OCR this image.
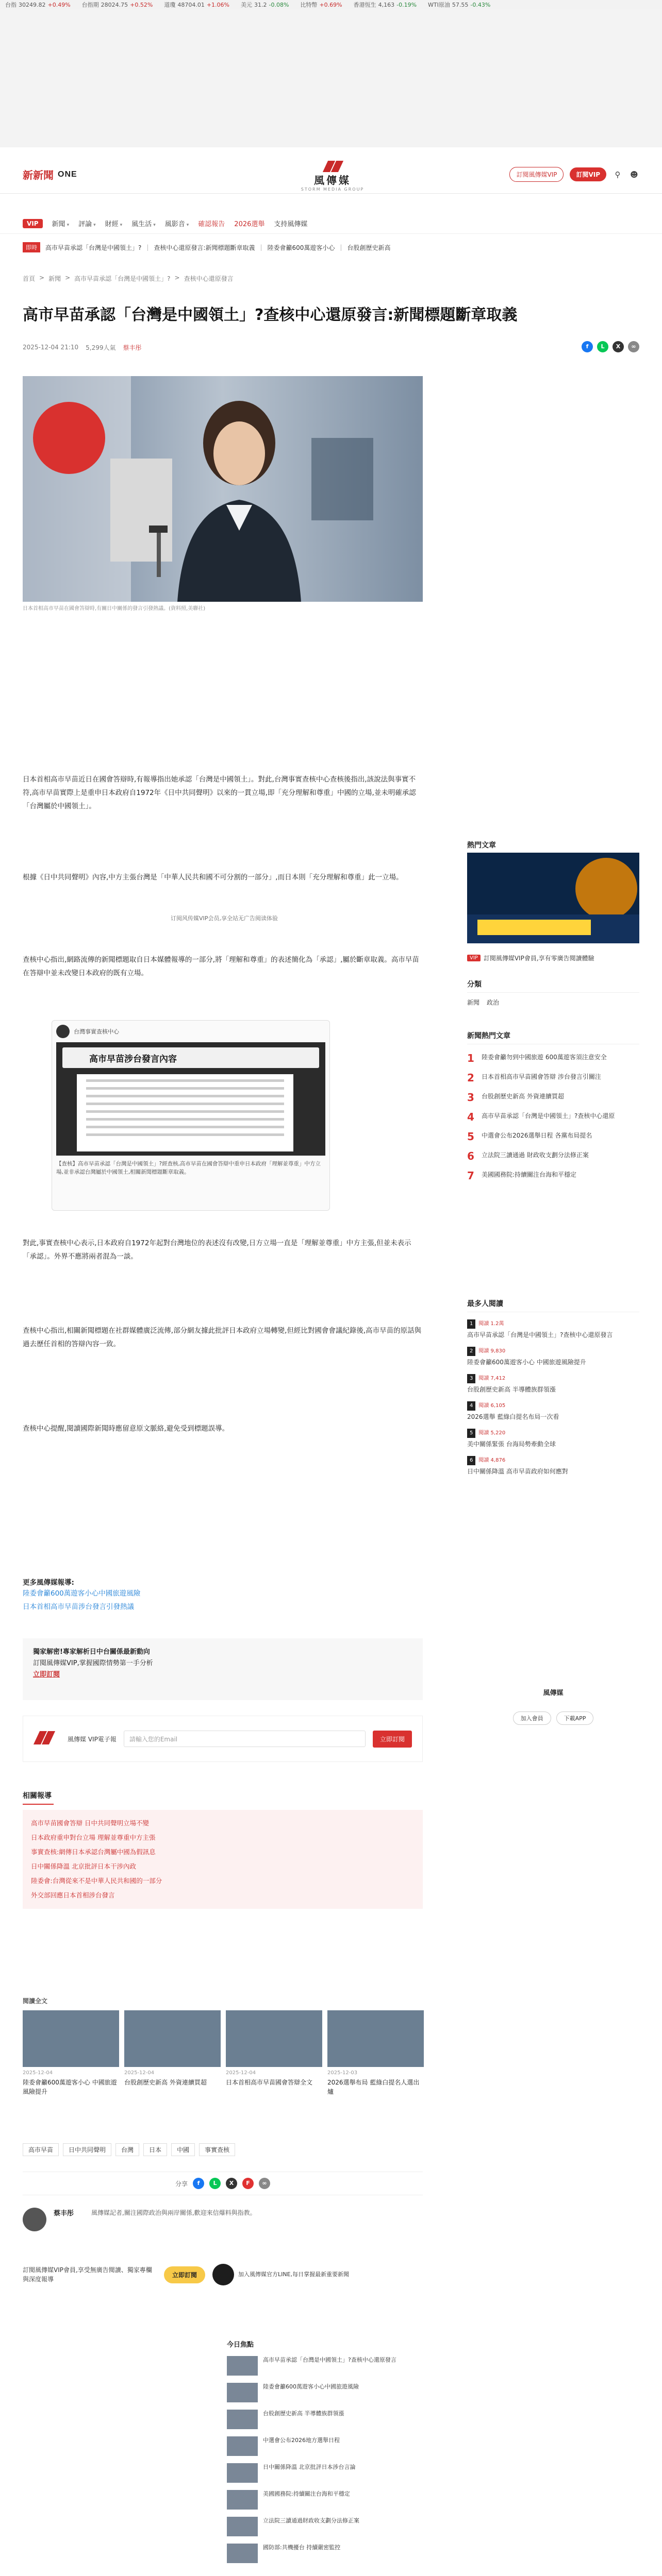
台指 30249.82 +0.49% 台指期 28024.75 +0.52% 道瓊 48704.01 +1.06% 美元 31.2 -0.08% 比特幣 +0.69% 香港恆生 4,163 -0.19% WTI原油 57.55 -0.43%
新新聞 ONE	風傳媒
STORM MEDIA GROUP
訂閱風傳媒VIP	訂閱VIP	⚲	☻
VIP	新聞 ▾ 評論 ▾ 財經 ▾ 風生活 ▾ 風影音 ▾ 確認報告 2026選舉 支持風傳媒
即時	高市早苗承認「台灣是中國領土」? | 查核中心還原發言:新聞標題斷章取義 | 陸委會籲600萬遊客小心 | 台股創歷史新高
首頁 > 新聞 > 高市早苗承認「台灣是中國領土」? > 查核中心還原發言
高市早苗承認「台灣是中國領土」?查核中心還原發言:新聞標題斷章取義
2025-12-04 21:10 5,299人氣 蔡丰彤	f	L	X	∞
日本首相高市早苗在國會答辯時,有關日中關係的發言引發熱議。(資料照,美聯社)

日本首相高市早苗近日在國會答辯時,有報導指出她承認「台灣是中國領土」。對此,台灣事實查核中心查核後指出,該說法與事實不符,高市早苗實際上是重申日本政府自1972年《日中共同聲明》以來的一貫立場,即「充分理解和尊重」中國的立場,並未明確承認「台灣屬於中國領土」。

根據《日中共同聲明》內容,中方主張台灣是「中華人民共和國不可分割的一部分」,而日本則「充分理解和尊重」此一立場。

订阅风传媒VIP会员,享全站无广告阅读体验

查核中心指出,網路流傳的新聞標題取自日本媒體報導的一部分,將「理解和尊重」的表述簡化為「承認」,屬於斷章取義。高市早苗在答辯中並未改變日本政府的既有立場。

台灣事實查核中心
高市早苗涉台發言內容

【查核】高市早苗承認「台灣是中國領土」?經查核,高市早苗在國會答辯中重申日本政府「理解並尊重」中方立場,並非承認台灣屬於中國領土,相關新聞標題斷章取義。

對此,事實查核中心表示,日本政府自1972年起對台灣地位的表述沒有改變,日方立場一直是「理解並尊重」中方主張,但並未表示「承認」。外界不應將兩者混為一談。

查核中心指出,相關新聞標題在社群媒體廣泛流傳,部分網友據此批評日本政府立場轉變,但經比對國會會議紀錄後,高市早苗的原話與過去歷任首相的答辯內容一致。

查核中心提醒,閱讀國際新聞時應留意原文脈絡,避免受到標題誤導。

更多風傳媒報導:
陸委會籲600萬遊客小心中國旅遊風險
日本首相高市早苗涉台發言引發熱議
獨家解密!專家解析日中台關係最新動向
訂閱風傳媒VIP,掌握國際情勢第一手分析
立即訂閱
風傳媒 VIP電子報	請輸入您的Email	立即訂閱
相關報導
高市早苗國會答辯 日中共同聲明立場不變
日本政府重申對台立場 理解並尊重中方主張
事實查核:網傳日本承認台灣屬中國為假訊息
日中關係降溫 北京批評日本干涉內政
陸委會:台灣從來不是中華人民共和國的一部分
外交部回應日本首相涉台發言
閱讀全文
2025-12-04
陸委會籲600萬遊客小心 中國旅遊風險提升
2025-12-04
台股創歷史新高 外資連續買超
2025-12-04
日本首相高市早苗國會答辯全文
2025-12-03
2026選舉布局 藍綠白提名人選出爐
高市早苗	日中共同聲明	台灣	日本	中國	事實查核
分享	f	L	X	F	∞
蔡丰彤	風傳媒記者,關注國際政治與兩岸關係,歡迎來信爆料與指教。
訂閱風傳媒VIP會員,享受無廣告閱讀、獨家專欄與深度報導
立即訂閱	加入風傳媒官方LINE,每日掌握最新重要新聞
今日焦點
高市早苗承認「台灣是中國領土」?查核中心還原發言
陸委會籲600萬遊客小心中國旅遊風險
台股創歷史新高 半導體族群領漲
中選會公布2026地方選舉日程
日中關係降溫 北京批評日本涉台言論
美國國務院:持續關注台海和平穩定
立法院三讀通過財政收支劃分法修正案
國防部:共機擾台 持續嚴密監控
熱門文章
VIP 訂閱風傳媒VIP會員,享有零廣告閱讀體驗
分類
新聞 政治
新聞熱門文章
1	陸委會籲勿到中國旅遊 600萬遊客須注意安全
2	日本首相高市早苗國會答辯 涉台發言引關注
3	台股創歷史新高 外資連續買超
4	高市早苗承認「台灣是中國領土」?查核中心還原
5	中選會公布2026選舉日程 各黨布局提名
6	立法院三讀通過 財政收支劃分法修正案
7	美國國務院:持續關注台海和平穩定
最多人閱讀
1	閱讀 1.2萬
高市早苗承認「台灣是中國領土」?查核中心還原發言
2	閱讀 9,830
陸委會籲600萬遊客小心 中國旅遊風險提升
3	閱讀 7,412
台股創歷史新高 半導體族群領漲
4	閱讀 6,105
2026選舉 藍綠白提名布局一次看
5	閱讀 5,220
美中關係緊張 台海局勢牽動全球
6	閱讀 4,876
日中關係降溫 高市早苗政府如何應對
風傳媒
加入會員	下載APP
